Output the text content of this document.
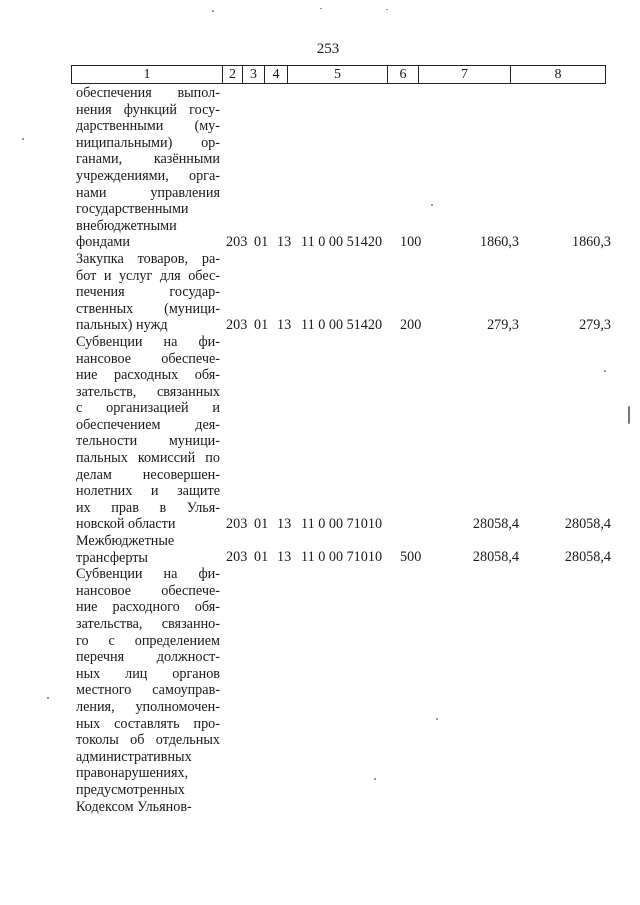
253
1	2	3	4	5	6	7	8
обеспечения выпол-
нения функций госу-
дарственными (му-
ниципальными) ор-
ганами, казёнными
учреждениями, орга-
нами управления
государственными
внебюджетными
фондами	203 01 13 11 0 00 51420 100	1860,3	1860,3
Закупка товаров, ра-
бот и услуг для обес-
печения государ-
ственных (муници-
пальных) нужд	203 01 13 11 0 00 51420 200	279,3	279,3
Субвенции на фи-
нансовое обеспече-
ние расходных обя-
зательств, связанных
с организацией и
обеспечением дея-
тельности муници-
пальных комиссий по
делам несовершен-
нолетних и защите
их прав в Улья-
новской области	203 01 13 11 0 00 71010	28058,4	28058,4
Межбюджетные
трансферты	203 01 13 11 0 00 71010 500	28058,4	28058,4
Субвенции на фи-
нансовое обеспече-
ние расходного обя-
зательства, связанно-
го с определением
перечня должност-
ных лиц органов
местного самоуправ-
ления, уполномочен-
ных составлять про-
токолы об отдельных
административных
правонарушениях,
предусмотренных
Кодексом Ульянов-
